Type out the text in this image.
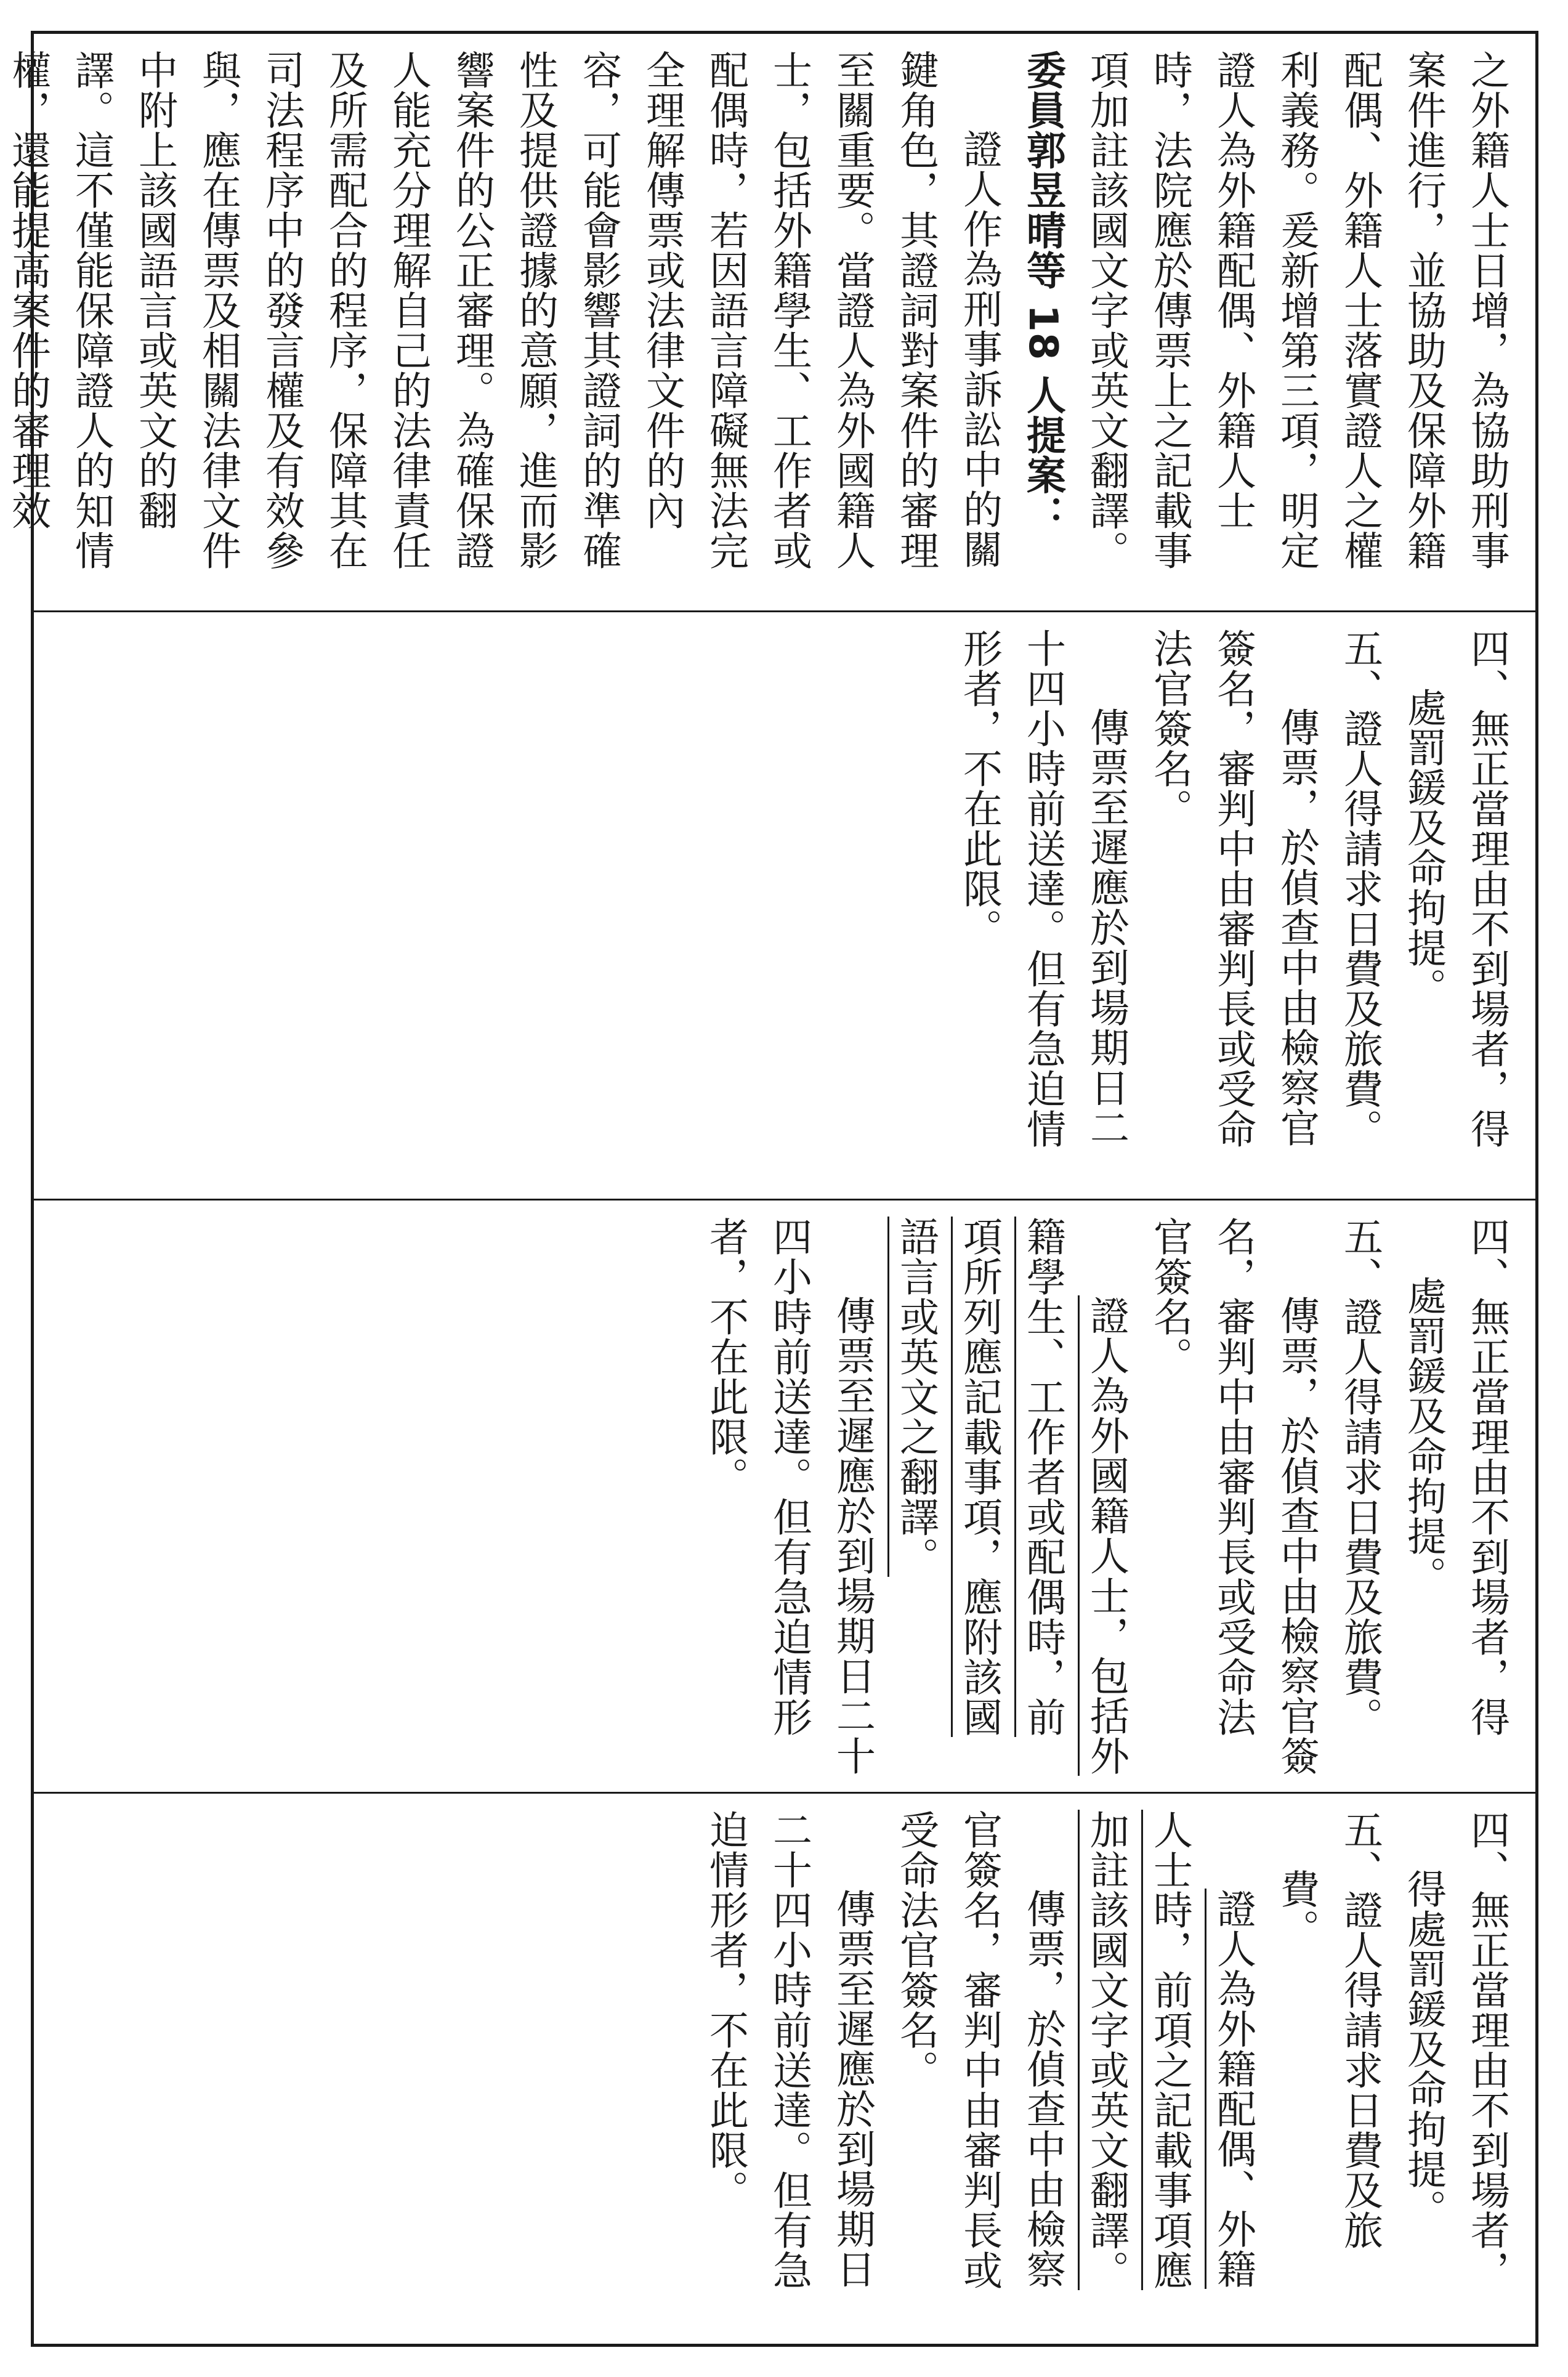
之外籍人士日增，為協助刑事案件進行，並協助及保障外籍配偶、外籍人士落實證人之權利義務。爰新增第三項，明定證人為外籍配偶、外籍人士時，法院應於傳票上之記載事項加註該國文字或英文翻譯。

委員郭昱晴等 18 人提案：

證人作為刑事訴訟中的關鍵角色，其證詞對案件的審理至關重要。當證人為外國籍人士，包括外籍學生、工作者或配偶時，若因語言障礙無法完全理解傳票或法律文件的內容，可能會影響其證詞的準確性及提供證據的意願，進而影響案件的公正審理。為確保證人能充分理解自己的法律責任及所需配合的程序，保障其在司法程序中的發言權及有效參與，應在傳票及相關法律文件中附上該國語言或英文的翻譯。這不僅能保障證人的知情權，還能提高案件的審理效

四、無正當理由不到場者，得處罰鍰及命拘提。

五、證人得請求日費及旅費。

傳票，於偵查中由檢察官簽名，審判中由審判長或受命法官簽名。

傳票至遲應於到場期日二十四小時前送達。但有急迫情形者，不在此限。

四、無正當理由不到場者，得處罰鍰及命拘提。

五、證人得請求日費及旅費。

傳票，於偵查中由檢察官簽名，審判中由審判長或受命法官簽名。

證人為外國籍人士，包括外籍學生、工作者或配偶時，前項所列應記載事項，應附該國語言或英文之翻譯。

傳票至遲應於到場期日二十四小時前送達。但有急迫情形者，不在此限。

四、無正當理由不到場者，得處罰鍰及命拘提。

五、證人得請求日費及旅費。

證人為外籍配偶、外籍人士時，前項之記載事項應加註該國文字或英文翻譯。

傳票，於偵查中由檢察官簽名，審判中由審判長或受命法官簽名。

傳票至遲應於到場期日二十四小時前送達。但有急迫情形者，不在此限。
